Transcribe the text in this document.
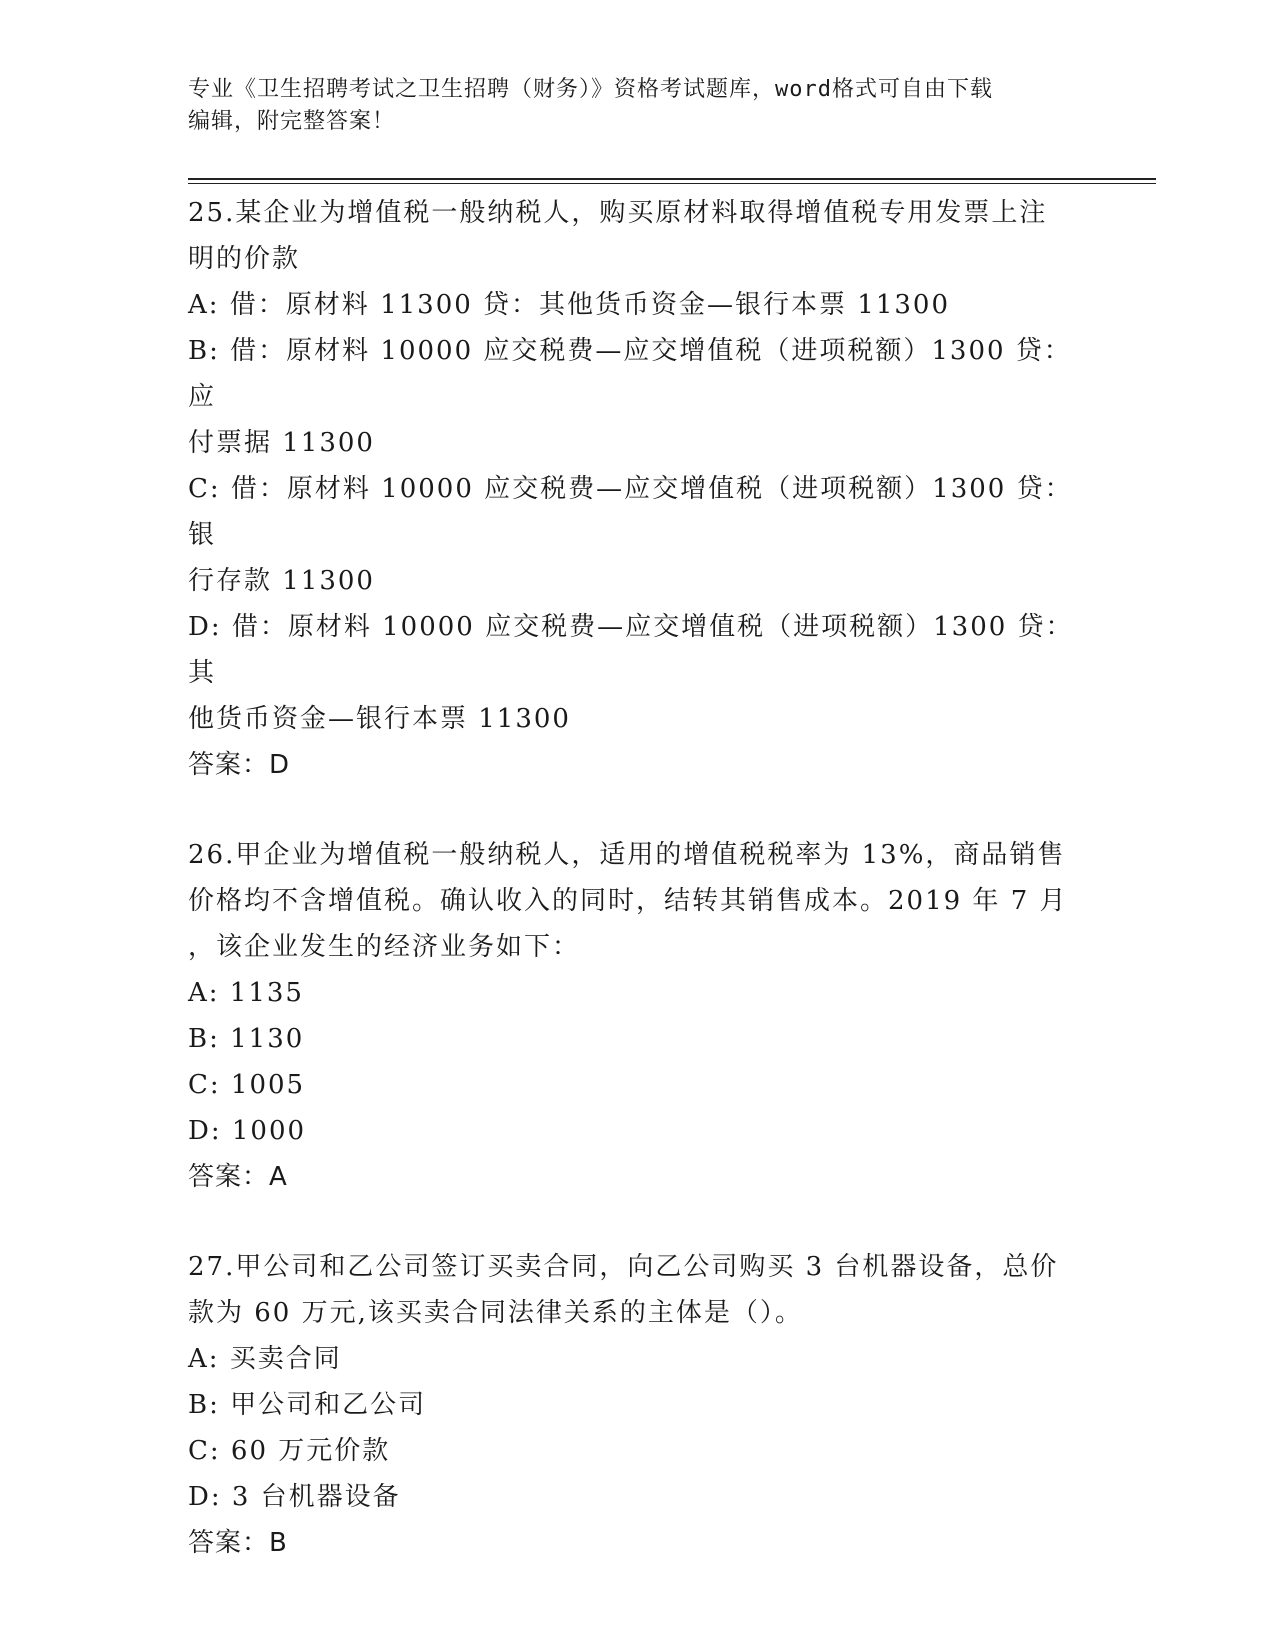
专业《卫生招聘考试之卫生招聘（财务）》资格考试题库，word格式可自由下载
编辑，附完整答案！
25.某企业为增值税一般纳税人，购买原材料取得增值税专用发票上注
明的价款
A: 借：原材料 11300 贷：其他货币资金—银行本票 11300
B: 借：原材料 10000 应交税费—应交增值税（进项税额）1300 贷：应
付票据 11300
C: 借：原材料 10000 应交税费—应交增值税（进项税额）1300 贷：银
行存款 11300
D: 借：原材料 10000 应交税费—应交增值税（进项税额）1300 贷：其
他货币资金—银行本票 11300
答案：D
26.甲企业为增值税一般纳税人，适用的增值税税率为 13%，商品销售
价格均不含增值税。确认收入的同时，结转其销售成本。2019 年 7 月
，该企业发生的经济业务如下：
A: 1135
B: 1130
C: 1005
D: 1000
答案：A
27.甲公司和乙公司签订买卖合同，向乙公司购买 3 台机器设备，总价
款为 60 万元,该买卖合同法律关系的主体是（）。
A: 买卖合同
B: 甲公司和乙公司
C: 60 万元价款
D: 3 台机器设备
答案：B
